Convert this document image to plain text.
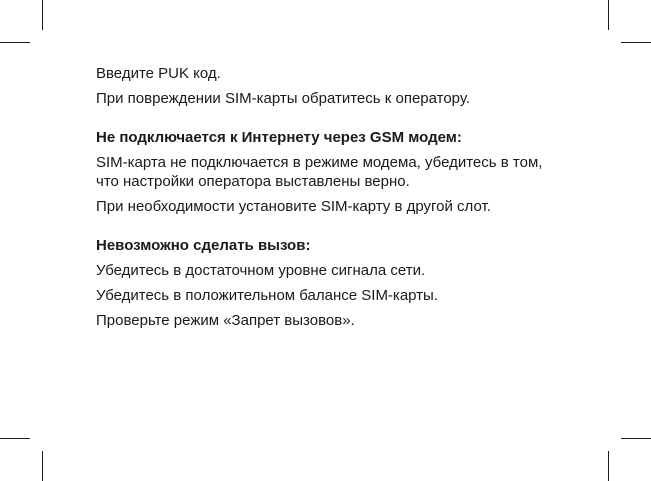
Введите PUK код.
При повреждении SIM-карты обратитесь к оператору.
Не подключается к Интернету через GSM модем:
SIM-карта не подключается в режиме модема, убедитесь в том,
что настройки оператора выставлены верно.
При необходимости установите SIM-карту в другой слот.
Невозможно сделать вызов:
Убедитесь в достаточном уровне сигнала сети.
Убедитесь в положительном балансе SIM-карты.
Проверьте режим «Запрет вызовов».
